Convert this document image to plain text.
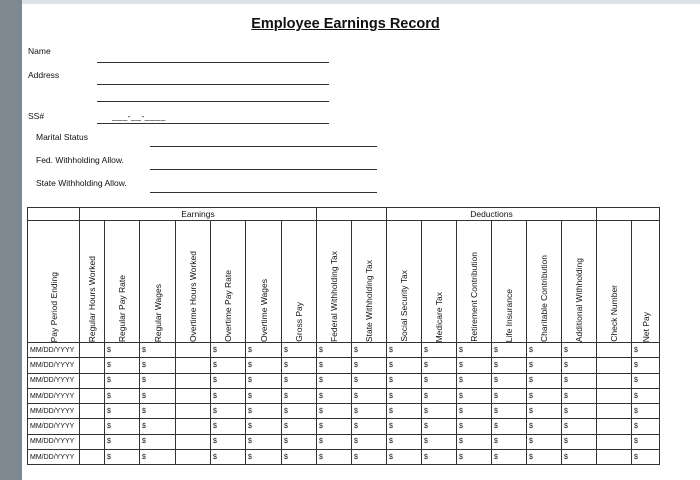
Employee Earnings Record
Name
Address
SS#	___-__-____
Marital Status
Fed. Withholding Allow.
State Withholding Allow.
	Earnings									Deductions							

Pay Period Ending	Regular Hours Worked	Regular Pay Rate	Regular Wages	Overtime Hours Worked	Overtime Pay Rate	Overtime Wages	Gross Pay	Federal Withholding Tax	State Withholding Tax	Social Security Tax	Medicare Tax	Retirement Contribution	Life Insurance	Charitable Contribution	Additional Withholding	Check Number	Net Pay

MM/DD/YYYY		$	$		$	$	$	$	$	$	$	$	$	$	$		$
MM/DD/YYYY		$	$		$	$	$	$	$	$	$	$	$	$	$		$
MM/DD/YYYY		$	$		$	$	$	$	$	$	$	$	$	$	$		$
MM/DD/YYYY		$	$		$	$	$	$	$	$	$	$	$	$	$		$
MM/DD/YYYY		$	$		$	$	$	$	$	$	$	$	$	$	$		$
MM/DD/YYYY		$	$		$	$	$	$	$	$	$	$	$	$	$		$
MM/DD/YYYY		$	$		$	$	$	$	$	$	$	$	$	$	$		$
MM/DD/YYYY		$	$		$	$	$	$	$	$	$	$	$	$	$		$
